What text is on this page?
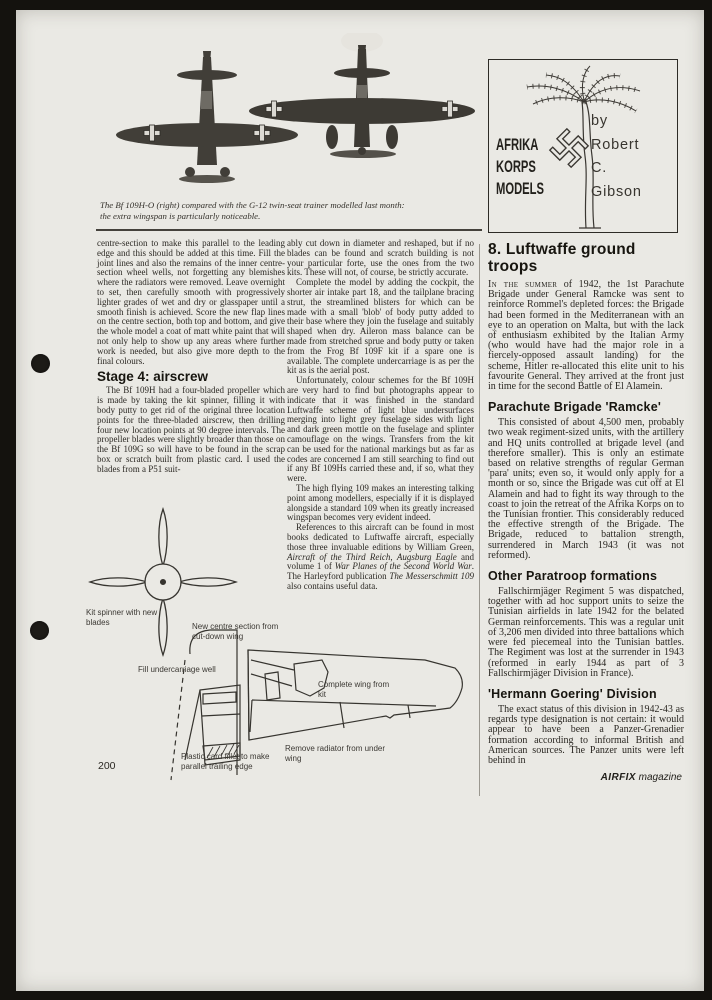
The Bf 109H-O (right) compared with the G-12 twin-seat trainer modelled last month:
the extra wingspan is particularly noticeable.

centre-section to make this parallel to the leading edge and this should be added at this time. Fill the joint lines and also the remains of the inner centre-section wheel wells, not forgetting any blemishes where the radiators were removed. Leave overnight to set, then carefully smooth with progressively lighter grades of wet and dry or glasspaper until a smooth finish is achieved. Score the new flap lines on the centre section, both top and bottom, and give the whole model a coat of matt white paint that will not only help to show up any areas where further work is needed, but also give more depth to the final colours.

Stage 4: airscrew

The Bf 109H had a four-bladed propeller which is made by taking the kit spinner, filling it with body putty to get rid of the original three location points for the three-bladed airscrew, then drilling four new location points at 90 degree intervals. The propeller blades were slightly broader than those on the Bf 109G so will have to be found in the scrap box or scratch built from plastic card. I used the blades from a P51 suit-

ably cut down in diameter and reshaped, but if no blades can be found and scratch building is not your particular forte, use the ones from the two kits. These will not, of course, be strictly accurate.

Complete the model by adding the cockpit, the shorter air intake part 18, and the tailplane bracing strut, the streamlined blisters for which can be made with a small 'blob' of body putty added to their base where they join the fuselage and suitably shaped when dry. Aileron mass balance can be made from stretched sprue and body putty or taken from the Frog Bf 109F kit if a spare one is available. The complete undercarriage is as per the kit as is the aerial post.

Unfortunately, colour schemes for the Bf 109H are very hard to find but photographs appear to indicate that it was finished in the standard Luftwaffe scheme of light blue undersurfaces merging into light grey fuselage sides with light and dark green mottle on the fuselage and splinter camouflage on the wings. Transfers from the kit can be used for the national markings but as far as codes are concerned I am still searching to find out if any Bf 109Hs carried these and, if so, what they were.

The high flying 109 makes an interesting talking point among modellers, especially if it is displayed alongside a standard 109 when its greatly increased wingspan becomes very evident indeed.

References to this aircraft can be found in most books dedicated to Luftwaffe aircraft, especially those three invaluable editions by William Green, Aircraft of the Third Reich, Augsburg Eagle and volume 1 of War Planes of the Second World War. The Harleyford publication The Messerschmitt 109 also contains useful data.

AFRIKA
KORPS
MODELS
by
Robert
C.
Gibson
8. Luftwaffe ground troops

In the summer of 1942, the 1st Parachute Brigade under General Ramcke was sent to reinforce Rommel's depleted forces: the Brigade had been formed in the Mediterranean with an eye to an operation on Malta, but with the lack of enthusiasm exhibited by the Italian Army (who would have had the major role in a fiercely-opposed assault landing) for the scheme, Hitler re-allocated this elite unit to his favourite General. They arrived at the front just in time for the second Battle of El Alamein.

Parachute Brigade 'Ramcke'

This consisted of about 4,500 men, probably two weak regiment-sized units, with the artillery and HQ units controlled at brigade level (and therefore smaller). This is only an estimate based on relative strengths of regular German 'para' units; even so, it would only apply for a month or so, since the Brigade was cut off at El Alamein and had to fight its way through to the coast to join the retreat of the Afrika Korps on to the Tunisian frontier. This considerably reduced the effective strength of the Brigade. The Brigade, reduced to battalion strength, surrendered in March 1943 (it was not reformed).

Other Paratroop formations

Fallschirmjäger Regiment 5 was dispatched, together with ad hoc support units to seize the Tunisian airfields in late 1942 for the belated German reinforcements. This was a regular unit of 3,206 men divided into three battalions which were fed piecemeal into the Tunisian battles. The Regiment was lost at the surrender in 1943 (reformed in early 1944 as part of 3 Fallschirmjäger Division in France).

'Hermann Goering' Division

The exact status of this division in 1942-43 as regards type designation is not certain: it would appear to have been a Panzer-Grenadier formation according to informal British and American sources. The Panzer units were left behind in

AIRFIX magazine
Kit spinner with new blades	New centre section from cut-down wing
Fill undercarriage well
Plastic card fillet to make parallel trailing edge
Complete wing from kit
Remove radiator from under wing
200
